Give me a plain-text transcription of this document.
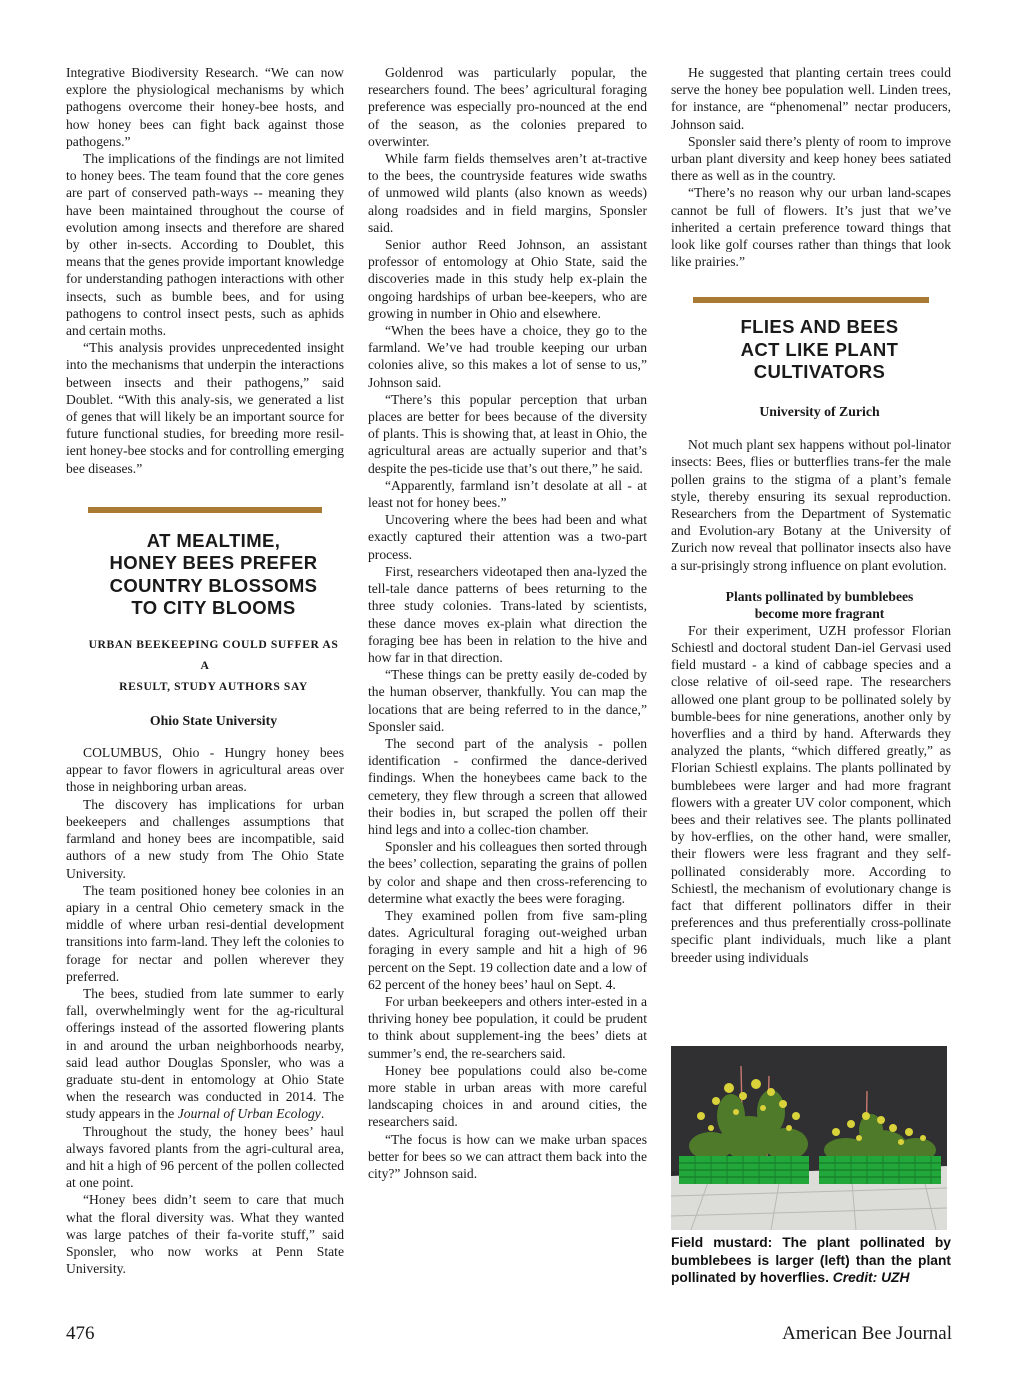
Integrative Biodiversity Research. “We can now explore the physiological mechanisms by which pathogens overcome their honey-bee hosts, and how honey bees can fight back against those pathogens.”

The implications of the findings are not limited to honey bees. The team found that the core genes are part of conserved path-ways -- meaning they have been maintained throughout the course of evolution among insects and therefore are shared by other in-sects. According to Doublet, this means that the genes provide important knowledge for understanding pathogen interactions with other insects, such as bumble bees, and for using pathogens to control insect pests, such as aphids and certain moths.

“This analysis provides unprecedented insight into the mechanisms that underpin the interactions between insects and their pathogens,” said Doublet. “With this analy-sis, we generated a list of genes that will likely be an important source for future functional studies, for breeding more resil-ient honey-bee stocks and for controlling emerging bee diseases.”

AT MEALTIME,

HONEY BEES PREFER

COUNTRY BLOSSOMS

TO CITY BLOOMS

URBAN BEEKEEPING COULD SUFFER AS A

RESULT, STUDY AUTHORS SAY

Ohio State University

COLUMBUS, Ohio - Hungry honey bees appear to favor flowers in agricultural areas over those in neighboring urban areas.

The discovery has implications for urban beekeepers and challenges assumptions that farmland and honey bees are incompatible, said authors of a new study from The Ohio State University.

The team positioned honey bee colonies in an apiary in a central Ohio cemetery smack in the middle of where urban resi-dential development transitions into farm-land. They left the colonies to forage for nectar and pollen wherever they preferred.

The bees, studied from late summer to early fall, overwhelmingly went for the ag-ricultural offerings instead of the assorted flowering plants in and around the urban neighborhoods nearby, said lead author Douglas Sponsler, who was a graduate stu-dent in entomology at Ohio State when the research was conducted in 2014. The study appears in the Journal of Urban Ecology.

Throughout the study, the honey bees’ haul always favored plants from the agri-cultural area, and hit a high of 96 percent of the pollen collected at one point.

“Honey bees didn’t seem to care that much what the floral diversity was. What they wanted was large patches of their fa-vorite stuff,” said Sponsler, who now works at Penn State University.

Goldenrod was particularly popular, the researchers found. The bees’ agricultural foraging preference was especially pro-nounced at the end of the season, as the colonies prepared to overwinter.

While farm fields themselves aren’t at-tractive to the bees, the countryside features wide swaths of unmowed wild plants (also known as weeds) along roadsides and in field margins, Sponsler said.

Senior author Reed Johnson, an assistant professor of entomology at Ohio State, said the discoveries made in this study help ex-plain the ongoing hardships of urban bee-keepers, who are growing in number in Ohio and elsewhere.

“When the bees have a choice, they go to the farmland. We’ve had trouble keeping our urban colonies alive, so this makes a lot of sense to us,” Johnson said.

“There’s this popular perception that urban places are better for bees because of the diversity of plants. This is showing that, at least in Ohio, the agricultural areas are actually superior and that’s despite the pes-ticide use that’s out there,” he said.

“Apparently, farmland isn’t desolate at all - at least not for honey bees.”

Uncovering where the bees had been and what exactly captured their attention was a two-part process.

First, researchers videotaped then ana-lyzed the tell-tale dance patterns of bees returning to the three study colonies. Trans-lated by scientists, these dance moves ex-plain what direction the foraging bee has been in relation to the hive and how far in that direction.

“These things can be pretty easily de-coded by the human observer, thankfully. You can map the locations that are being referred to in the dance,” Sponsler said.

The second part of the analysis - pollen identification - confirmed the dance-derived findings. When the honeybees came back to the cemetery, they flew through a screen that allowed their bodies in, but scraped the pollen off their hind legs and into a collec-tion chamber.

Sponsler and his colleagues then sorted through the bees’ collection, separating the grains of pollen by color and shape and then cross-referencing to determine what exactly the bees were foraging.

They examined pollen from five sam-pling dates. Agricultural foraging out-weighed urban foraging in every sample and hit a high of 96 percent on the Sept. 19 collection date and a low of 62 percent of the honey bees’ haul on Sept. 4.

For urban beekeepers and others inter-ested in a thriving honey bee population, it could be prudent to think about supplement-ing the bees’ diets at summer’s end, the re-searchers said.

Honey bee populations could also be-come more stable in urban areas with more careful landscaping choices in and around cities, the researchers said.

“The focus is how can we make urban spaces better for bees so we can attract them back into the city?” Johnson said.

He suggested that planting certain trees could serve the honey bee population well. Linden trees, for instance, are “phenomenal” nectar producers, Johnson said.

Sponsler said there’s plenty of room to improve urban plant diversity and keep honey bees satiated there as well as in the country.

“There’s no reason why our urban land-scapes cannot be full of flowers. It’s just that we’ve inherited a certain preference toward things that look like golf courses rather than things that look like prairies.”

FLIES AND BEES

ACT LIKE PLANT

CULTIVATORS

University of Zurich

Not much plant sex happens without pol-linator insects: Bees, flies or butterflies trans-fer the male pollen grains to the stigma of a plant’s female style, thereby ensuring its sexual reproduction. Researchers from the Department of Systematic and Evolution-ary Botany at the University of Zurich now reveal that pollinator insects also have a sur-prisingly strong influence on plant evolution.

Plants pollinated by bumblebees

become more fragrant

For their experiment, UZH professor Florian Schiestl and doctoral student Dan-iel Gervasi used field mustard - a kind of cabbage species and a close relative of oil-seed rape. The researchers allowed one plant group to be pollinated solely by bumble-bees for nine generations, another only by hoverflies and a third by hand. Afterwards they analyzed the plants, “which differed greatly,” as Florian Schiestl explains. The plants pollinated by bumblebees were larger and had more fragrant flowers with a greater UV color component, which bees and their relatives see. The plants pollinated by hov-erflies, on the other hand, were smaller, their flowers were less fragrant and they self-pollinated considerably more. According to Schiestl, the mechanism of evolutionary change is fact that different pollinators differ in their preferences and thus preferentially cross-pollinate specific plant individuals, much like a plant breeder using individuals

Field mustard: The plant pollinated by bumblebees is larger (left) than the plant pollinated by hoverflies. Credit: UZH
476	American Bee Journal
